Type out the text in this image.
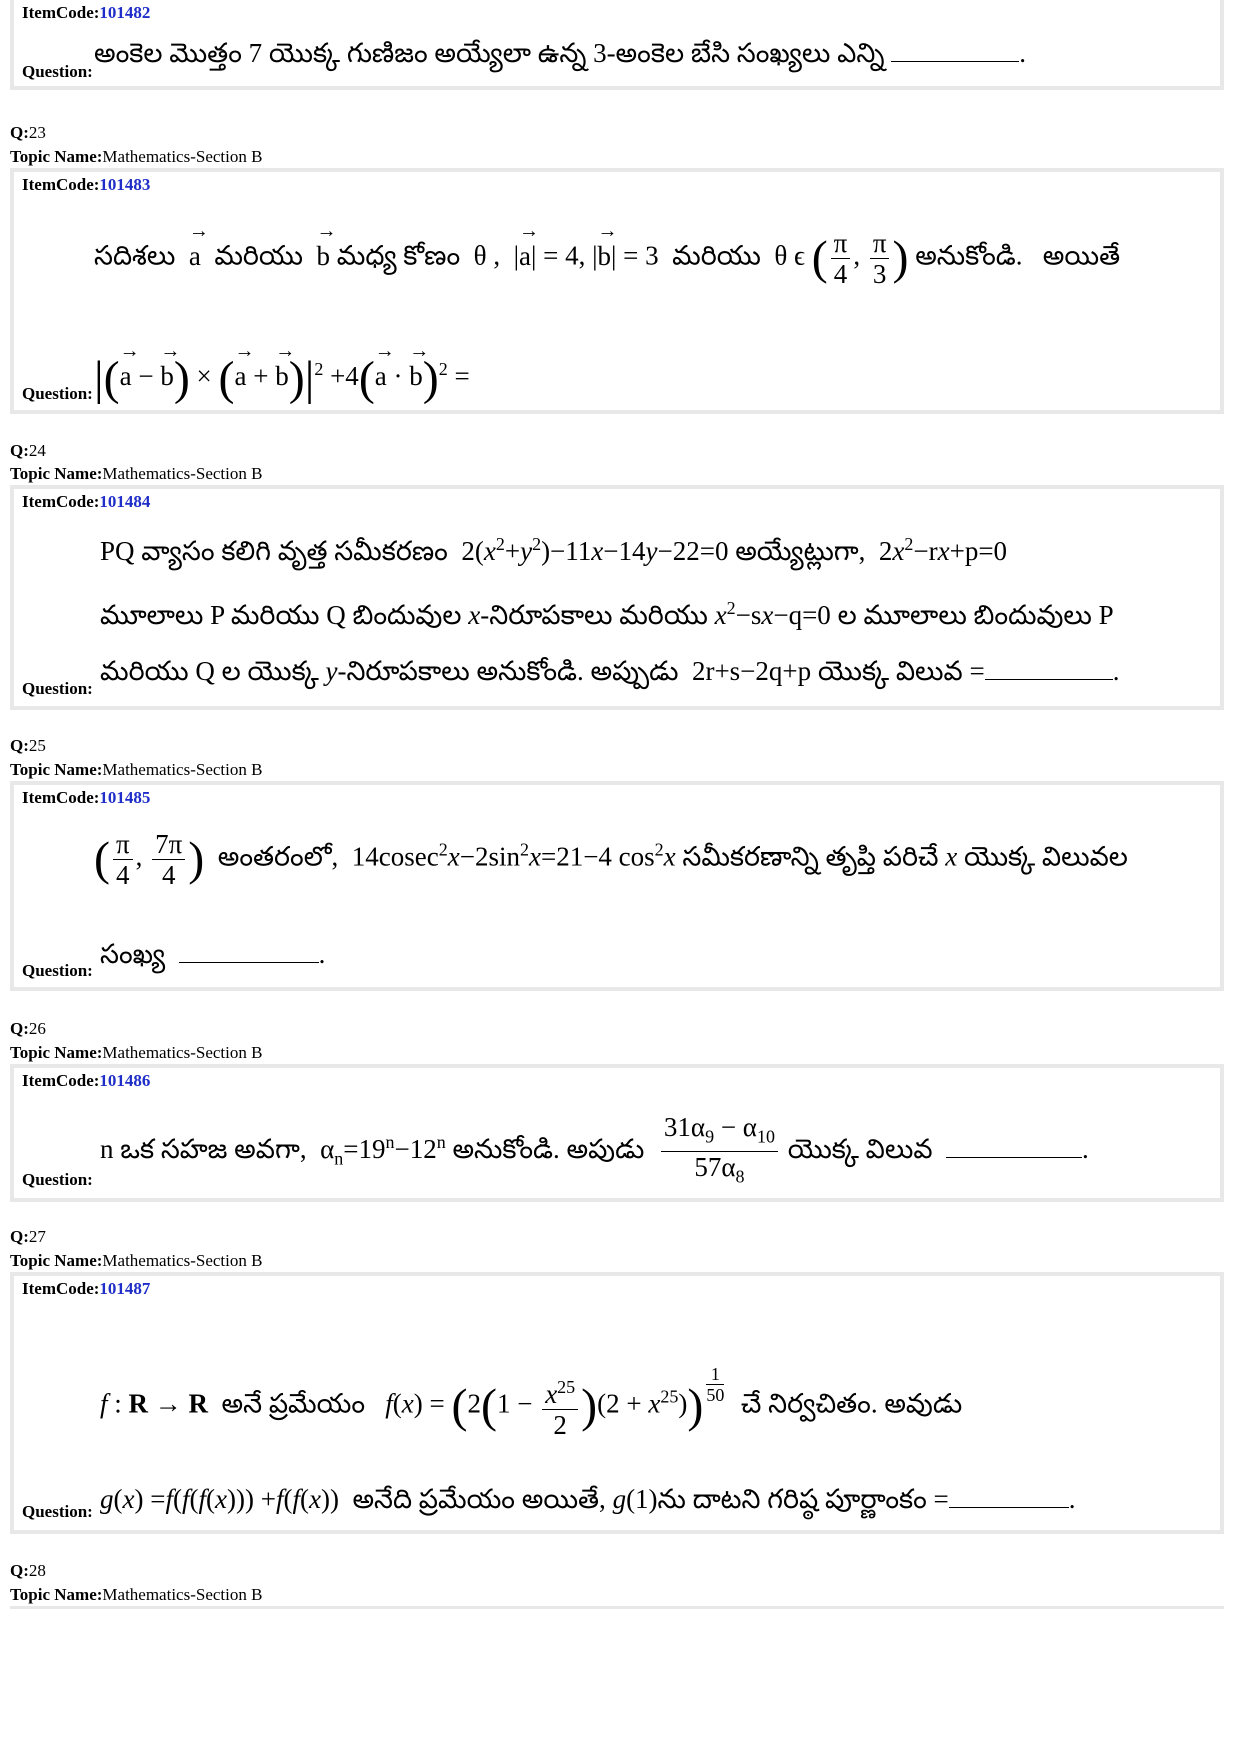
ItemCode:101482
అంకెల మొత్తం 7 యొక్క గుణిజం అయ్యేలా ఉన్న 3-అంకెల బేసి సంఖ్యలు ఎన్ని	.
Question:
Q:23
Topic Name:Mathematics-Section B
ItemCode:101483
సదిశలు
→
a మరియు
→
b మధ్య కోణం  θ ,  |
→
a| = 4, |
→
b| = 3  మరియు  θ ϵ ( $\frac{\pi}{4}$ , $\frac{\pi}{3}$ ) అనుకోండి. అయితే
|(
→
a −
→
b) × (
→
a +
→
$b)|^2 +4$(
→
a ·
→
b)$^2$ =
Question:
Q:24
Topic Name:Mathematics-Section B
ItemCode:101484
PQ వ్యాసం కలిగి వృత్త సమీకరణం  $2(x^2+y^2)-11x-14y-22=0$ అయ్యేట్లుగా,  $2x^2-rx+p=0$
మూలాలు P మరియు Q బిందువుల x-నిరూపకాలు మరియు $x^2-sx-q=0$ ల మూలాలు బిందువులు P
మరియు Q ల యొక్క y-నిరూపకాలు అనుకోండి. అప్పుడు  2r+s−2q+p యొక్క విలువ =	.
Question:
Q:25
Topic Name:Mathematics-Section B
ItemCode:101485
( $\frac{\pi}{4}$ , $\frac{7\pi}{4}$ ) అంతరంలో,  $14cosec^2x-2\sin^2x=21-4$ $\cos^2x$ సమీకరణాన్ని తృప్తి పరిచే x యొక్క విలువల
సంఖ్య	.
Question:
Q:26
Topic Name:Mathematics-Section B
ItemCode:101486
n ఒక సహజ అవగా,  $\alpha_n=19^n-12^n$ అనుకోండి. అపుడు $\frac{31\alpha_9 - \alpha_{10}}{57\alpha_8}$ యొక్క విలువ	.
Question:
Q:27
Topic Name:Mathematics-Section B
ItemCode:101487
f : R → R అనే ప్రమేయం $f(x) = (2(1 - \frac{x^{25}}{2} )(2 + x^{25}))$ $^{\frac{1}{50}}$ చే నిర్వచితం. అవుడు
g(x) =f(f(f(x))) +f(f(x))  అనేది ప్రమేయం అయితే, g(1)ను దాటని గరిష్ఠ పూర్ణాంకం =	.
Question:
Q:28
Topic Name:Mathematics-Section B
